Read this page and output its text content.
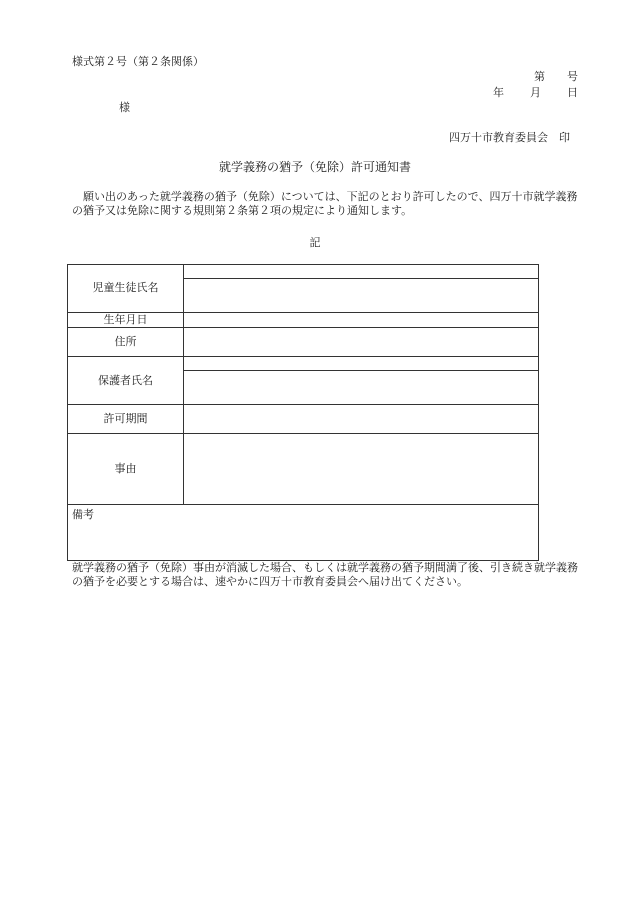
様式第２号（第２条関係）
第　　号
年 月 日
様
四万十市教育委員会　印
就学義務の猶予（免除）許可通知書
願い出のあった就学義務の猶予（免除）については、下記のとおり許可したので、四万十市就学義務の猶予又は免除に関する規則第２条第２項の規定により通知します。
記
児童生徒氏名	

生年月日	
住所	
保護者氏名	

許可期間	
事由	
備考	
就学義務の猶予（免除）事由が消滅した場合、もしくは就学義務の猶予期間満了後、引き続き就学義務の猶予を必要とする場合は、速やかに四万十市教育委員会へ届け出てください。
